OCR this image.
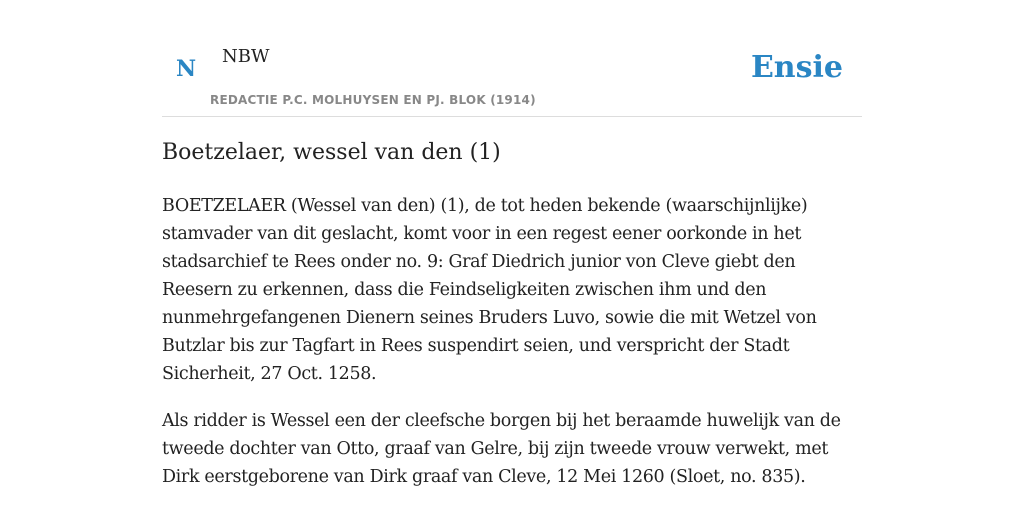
N NBW
REDACTIE P.C. MOLHUYSEN EN PJ. BLOK (1914)
Ensie
Boetzelaer, wessel van den (1)

BOETZELAER (Wessel van den) (1), de tot heden bekende (waarschijnlijke) stamvader van dit geslacht, komt voor in een regest eener oorkonde in het stadsarchief te Rees onder no. 9: Graf Diedrich junior von Cleve giebt den Reesern zu erkennen, dass die Feindseligkeiten zwischen ihm und den nunmehrgefangenen Dienern seines Bruders Luvo, sowie die mit Wetzel von Butzlar bis zur Tagfart in Rees suspendirt seien, und verspricht der Stadt Sicherheit, 27 Oct. 1258.

Als ridder is Wessel een der cleefsche borgen bij het beraamde huwelijk van de tweede dochter van Otto, graaf van Gelre, bij zijn tweede vrouw verwekt, met Dirk eerstgeborene van Dirk graaf van Cleve, 12 Mei 1260 (Sloet, no. 835).
